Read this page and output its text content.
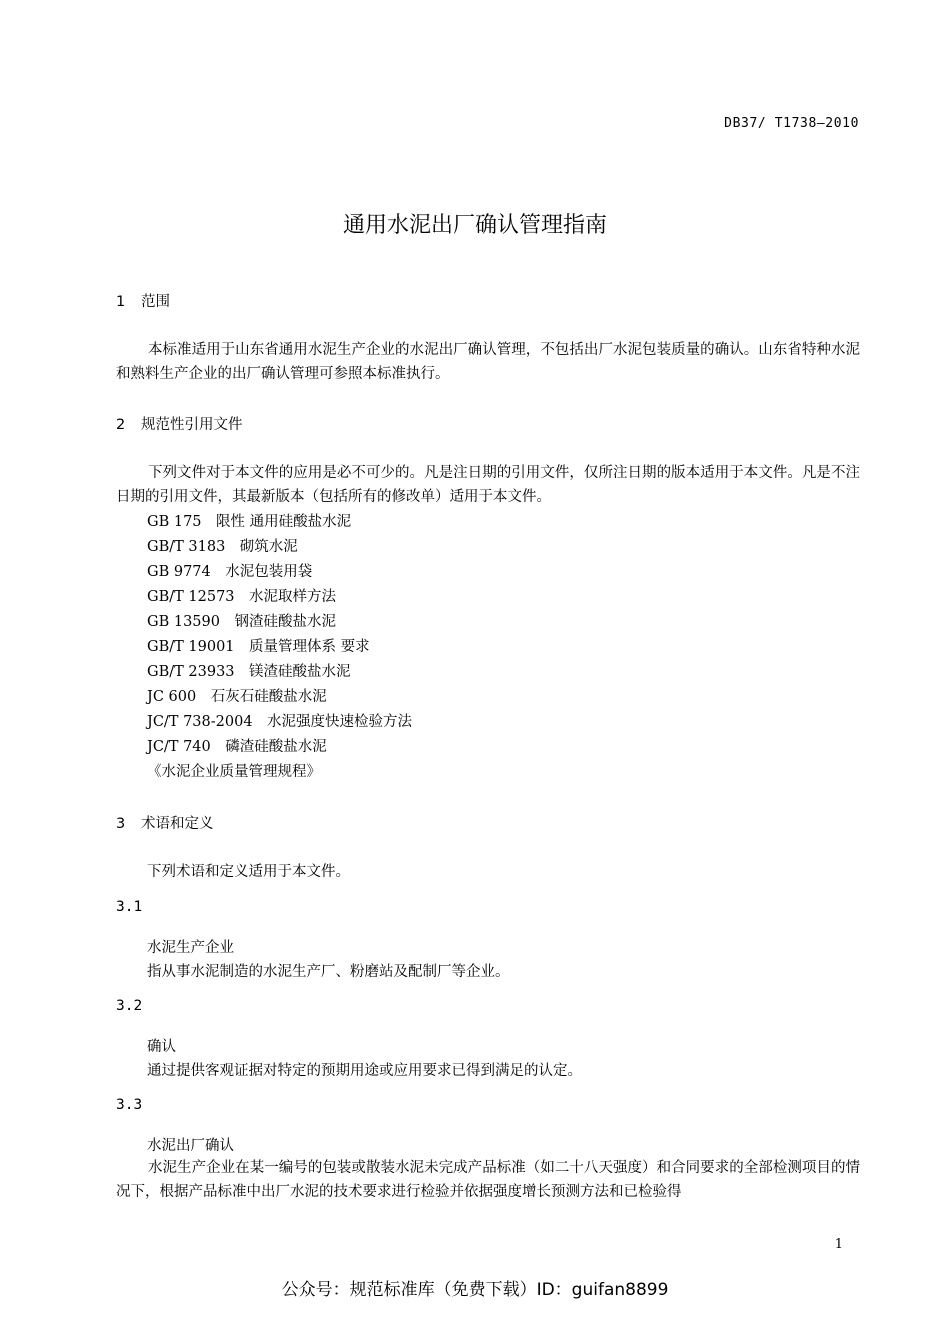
DB37/ T1738—2010
通用水泥出厂确认管理指南
1 范围
本标准适用于山东省通用水泥生产企业的水泥出厂确认管理，不包括出厂水泥包装质量的确认。山东省特种水泥和熟料生产企业的出厂确认管理可参照本标准执行。
2 规范性引用文件
下列文件对于本文件的应用是必不可少的。凡是注日期的引用文件，仅所注日期的版本适用于本文件。凡是不注日期的引用文件，其最新版本（包括所有的修改单）适用于本文件。
GB 175　限性 通用硅酸盐水泥
GB/T 3183　砌筑水泥
GB 9774　水泥包装用袋
GB/T 12573　水泥取样方法
GB 13590　钢渣硅酸盐水泥
GB/T 19001　质量管理体系 要求
GB/T 23933　镁渣硅酸盐水泥
JC 600　石灰石硅酸盐水泥
JC/T 738-2004　水泥强度快速检验方法
JC/T 740　磷渣硅酸盐水泥
《水泥企业质量管理规程》
3 术语和定义
下列术语和定义适用于本文件。
3.1
水泥生产企业
指从事水泥制造的水泥生产厂、粉磨站及配制厂等企业。
3.2
确认
通过提供客观证据对特定的预期用途或应用要求已得到满足的认定。
3.3
水泥出厂确认
水泥生产企业在某一编号的包装或散装水泥未完成产品标准（如二十八天强度）和合同要求的全部检测项目的情况下，根据产品标准中出厂水泥的技术要求进行检验并依据强度增长预测方法和已检验得
1
公众号：规范标准库（免费下载）ID：guifan8899
